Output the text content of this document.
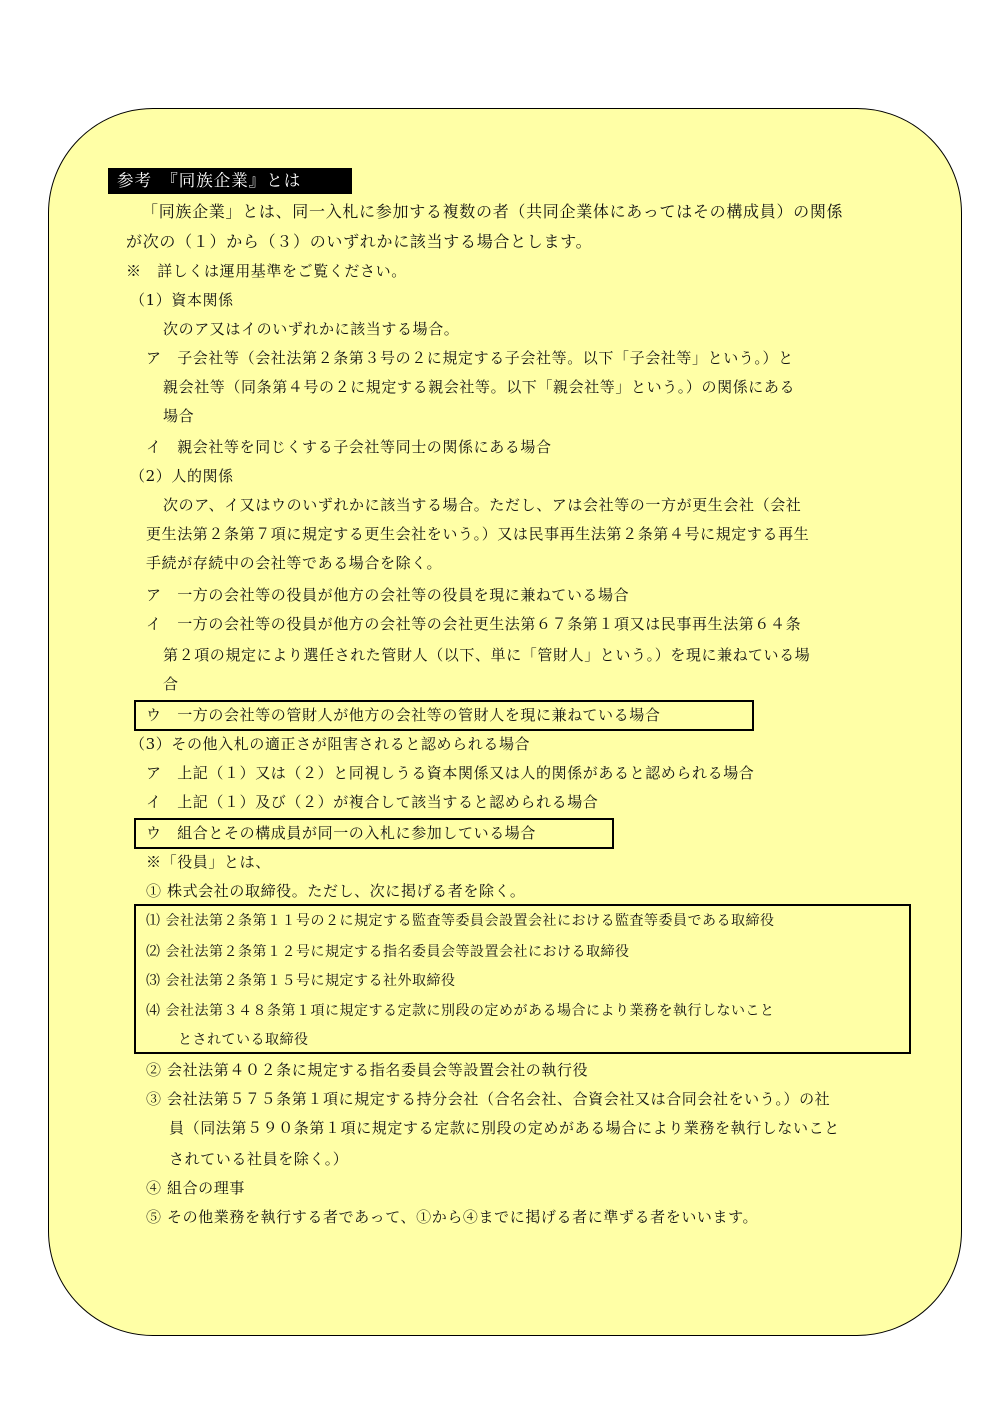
参考　『同族企業』とは
「同族企業」とは、同一入札に参加する複数の者（共同企業体にあってはその構成員）の関係
が次の（１）から（３）のいずれかに該当する場合とします。
※　詳しくは運用基準をご覧ください。
（1）資本関係
次のア又はイのいずれかに該当する場合。
ア　子会社等（会社法第２条第３号の２に規定する子会社等。以下「子会社等」という。）と
親会社等（同条第４号の２に規定する親会社等。以下「親会社等」という。）の関係にある
場合
イ　親会社等を同じくする子会社等同士の関係にある場合
（2）人的関係
次のア、イ又はウのいずれかに該当する場合。ただし、アは会社等の一方が更生会社（会社
更生法第２条第７項に規定する更生会社をいう。）又は民事再生法第２条第４号に規定する再生
手続が存続中の会社等である場合を除く。
ア　一方の会社等の役員が他方の会社等の役員を現に兼ねている場合
イ　一方の会社等の役員が他方の会社等の会社更生法第６７条第１項又は民事再生法第６４条
第２項の規定により選任された管財人（以下、単に「管財人」という。）を現に兼ねている場
合
ウ　一方の会社等の管財人が他方の会社等の管財人を現に兼ねている場合
（3）その他入札の適正さが阻害されると認められる場合
ア　上記（１）又は（２）と同視しうる資本関係又は人的関係があると認められる場合
イ　上記（１）及び（２）が複合して該当すると認められる場合
ウ　組合とその構成員が同一の入札に参加している場合
※「役員」とは、
① 株式会社の取締役。ただし、次に掲げる者を除く。
⑴ 会社法第２条第１１号の２に規定する監査等委員会設置会社における監査等委員である取締役
⑵ 会社法第２条第１２号に規定する指名委員会等設置会社における取締役
⑶ 会社法第２条第１５号に規定する社外取締役
⑷ 会社法第３４８条第１項に規定する定款に別段の定めがある場合により業務を執行しないこと
とされている取締役
② 会社法第４０２条に規定する指名委員会等設置会社の執行役
③ 会社法第５７５条第１項に規定する持分会社（合名会社、合資会社又は合同会社をいう。）の社
員（同法第５９０条第１項に規定する定款に別段の定めがある場合により業務を執行しないこと
されている社員を除く。）
④ 組合の理事
⑤ その他業務を執行する者であって、①から④までに掲げる者に準ずる者をいいます。
